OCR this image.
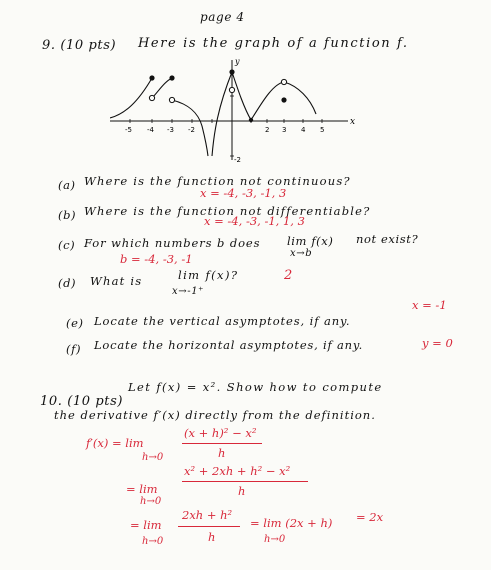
page 4
9. (10 pts) Here is the graph of a function f.
y
x
-5 -4 -3 -2	2 3 4 5
-2
(a) Where is the function not continuous?
x = -4, -3, -1, 3
(b) Where is the function not differentiable?
x = -4, -3, -1, 1, 3
(c) For which numbers b does lim f(x)
x→b
not exist?
b = -4, -3, -1
(d) What is	lim f(x)?
x→-1⁺
2
(e) Locate the vertical asymptotes, if any.
x = -1
(f) Locate the horizontal asymptotes, if any.	y = 0
10. (10 pts)
Let f(x) = x². Show how to compute
the derivative f′(x) directly from the definition.
f′(x) = lim
h→0
(x + h)² − x²
h
= lim
h→0
x² + 2xh + h² − x²
h
= lim
h→0
2xh + h²
h
= lim (2x + h)
h→0
= 2x
